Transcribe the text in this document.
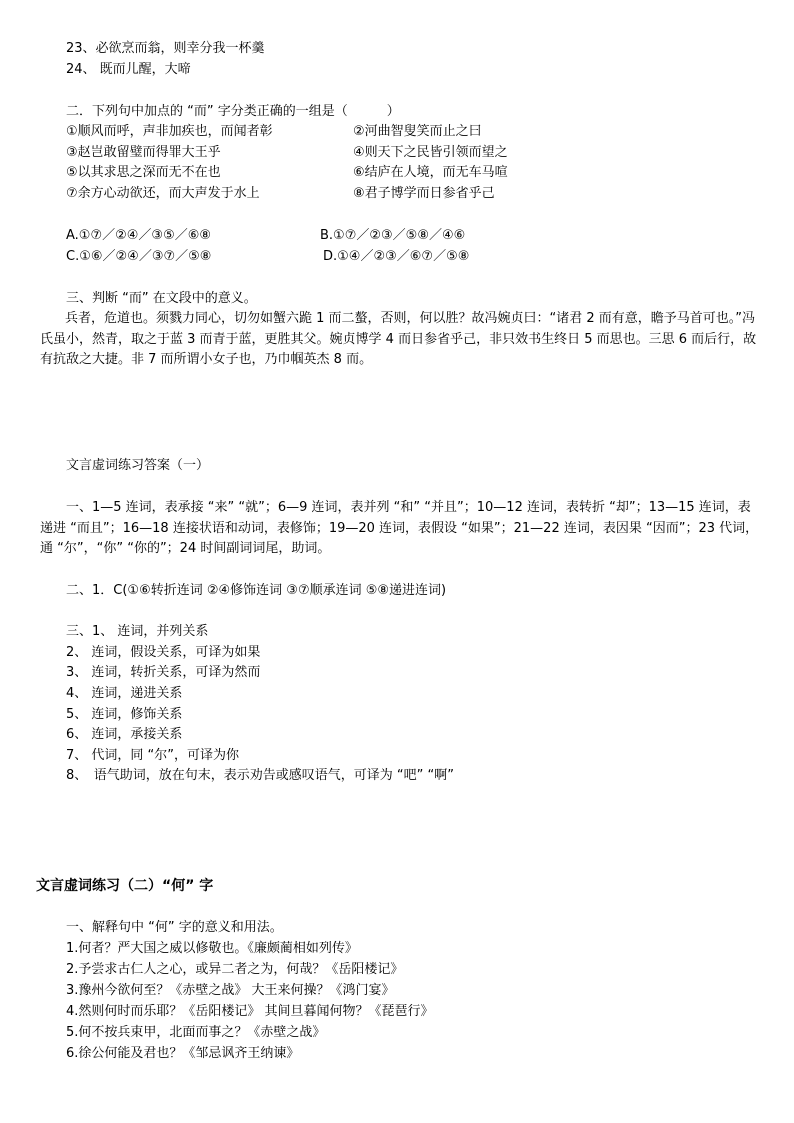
23、必欲烹而翁，则幸分我一杯羹
24、 既而儿醒，大啼
二．下列句中加点的 “而” 字分类正确的一组是（　　　）
①顺风而呼，声非加疾也，而闻者彰	②河曲智叟笑而止之曰
③赵岂敢留璧而得罪大王乎	④则天下之民皆引领而望之
⑤以其求思之深而无不在也	⑥结庐在人境，而无车马喧
⑦余方心动欲还，而大声发于水上	⑧君子博学而日参省乎己
A.①⑦／②④／③⑤／⑥⑧	B.①⑦／②③／⑤⑧／④⑥
C.①⑥／②④／③⑦／⑤⑧	D.①④／②③／⑥⑦／⑤⑧
三、判断 “而” 在文段中的意义。
兵者，危道也。须戮力同心，切勿如蟹六跪 1 而二螯，否则，何以胜？故冯婉贞曰：“诸君 2 而有意，瞻予马首可也。”冯氏虽小，然青，取之于蓝 3 而青于蓝，更胜其父。婉贞博学 4 而日参省乎己，非只效书生终日 5 而思也。三思 6 而后行，故有抗敌之大捷。非 7 而所谓小女子也，乃巾帼英杰 8 而。
文言虚词练习答案（一）
一、1—5 连词，表承接 “来” “就”；6—9 连词，表并列 “和” “并且”；10—12 连词，表转折 “却”；13—15 连词，表递进 “而且”；16—18 连接状语和动词，表修饰；19—20 连词，表假设 “如果”；21—22 连词，表因果 “因而”；23 代词，通 “尔”，“你” “你的”；24 时间副词词尾，助词。
二、1．C(①⑥转折连词 ②④修饰连词 ③⑦顺承连词 ⑤⑧递进连词)
三、1、 连词，并列关系
2、 连词，假设关系，可译为如果
3、 连词，转折关系，可译为然而
4、 连词，递进关系
5、 连词，修饰关系
6、 连词，承接关系
7、 代词，同 “尔”，可译为你
8、　语气助词，放在句末，表示劝告或感叹语气，可译为 “吧” “啊”
文言虚词练习（二）“何” 字
一、解释句中 “何” 字的意义和用法。
1.何者？严大国之威以修敬也。《廉颇蔺相如列传》
2.予尝求古仁人之心，或异二者之为，何哉？《岳阳楼记》
3.豫州今欲何至？《赤壁之战》 大王来何操？《鸿门宴》
4.然则何时而乐耶？《岳阳楼记》 其间旦暮闻何物？《琵琶行》
5.何不按兵束甲，北面而事之？《赤壁之战》
6.徐公何能及君也？《邹忌讽齐王纳谏》
